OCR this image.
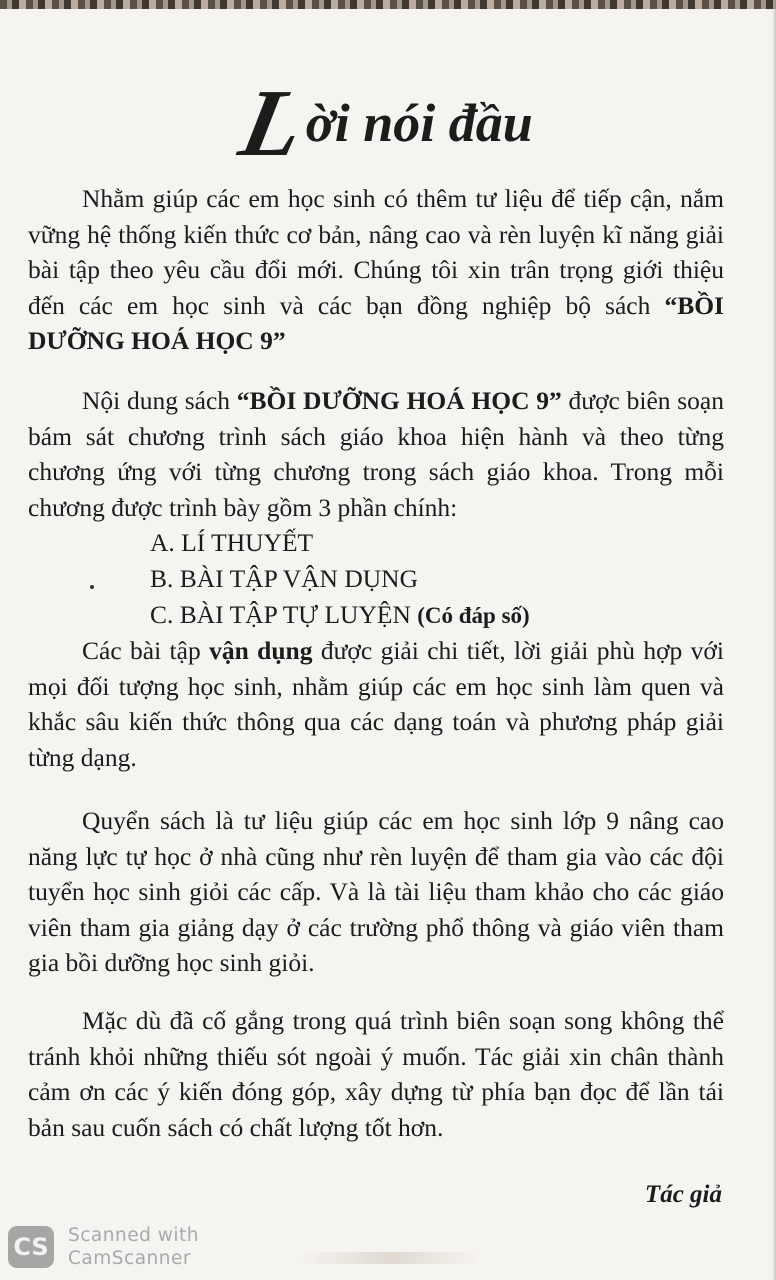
Lời nói đầu

Nhằm giúp các em học sinh có thêm tư liệu để tiếp cận, nắm vững hệ thống kiến thức cơ bản, nâng cao và rèn luyện kĩ năng giải bài tập theo yêu cầu đổi mới. Chúng tôi xin trân trọng giới thiệu đến các em học sinh và các bạn đồng nghiệp bộ sách “BỒI DƯỠNG HOÁ HỌC 9”

Nội dung sách “BỒI DƯỠNG HOÁ HỌC 9” được biên soạn bám sát chương trình sách giáo khoa hiện hành và theo từng chương ứng với từng chương trong sách giáo khoa. Trong mỗi chương được trình bày gồm 3 phần chính:

A. LÍ THUYẾT
B. BÀI TẬP VẬN DỤNG
C. BÀI TẬP TỰ LUYỆN (Có đáp số)

Các bài tập vận dụng được giải chi tiết, lời giải phù hợp với mọi đối tượng học sinh, nhằm giúp các em học sinh làm quen và khắc sâu kiến thức thông qua các dạng toán và phương pháp giải từng dạng.

Quyển sách là tư liệu giúp các em học sinh lớp 9 nâng cao năng lực tự học ở nhà cũng như rèn luyện để tham gia vào các đội tuyển học sinh giỏi các cấp. Và là tài liệu tham khảo cho các giáo viên tham gia giảng dạy ở các trường phổ thông và giáo viên tham gia bồi dưỡng học sinh giỏi.

Mặc dù đã cố gắng trong quá trình biên soạn song không thể tránh khỏi những thiếu sót ngoài ý muốn. Tác giải xin chân thành cảm ơn các ý kiến đóng góp, xây dựng từ phía bạn đọc để lần tái bản sau cuốn sách có chất lượng tốt hơn.

Tác giả
CS Scanned with
CamScanner
